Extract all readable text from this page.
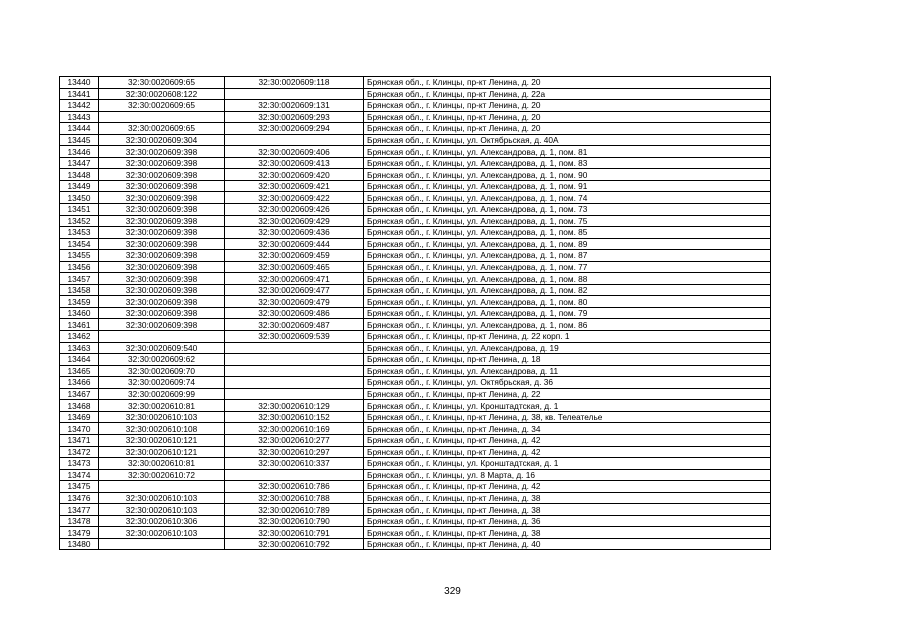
13440	32:30:0020609:65	32:30:0020609:118	Брянская обл., г. Клинцы, пр-кт Ленина, д. 20
13441	32:30:0020608:122		Брянская обл., г. Клинцы, пр-кт Ленина, д. 22а
13442	32:30:0020609:65	32:30:0020609:131	Брянская обл., г. Клинцы, пр-кт Ленина, д. 20
13443		32:30:0020609:293	Брянская обл., г. Клинцы, пр-кт Ленина, д. 20
13444	32:30:0020609:65	32:30:0020609:294	Брянская обл., г. Клинцы, пр-кт Ленина, д. 20
13445	32:30:0020609:304		Брянская обл., г. Клинцы, ул. Октябрьская, д. 40А
13446	32:30:0020609:398	32:30:0020609:406	Брянская обл., г. Клинцы, ул. Александрова, д. 1, пом. 81
13447	32:30:0020609:398	32:30:0020609:413	Брянская обл., г. Клинцы, ул. Александрова, д. 1, пом. 83
13448	32:30:0020609:398	32:30:0020609:420	Брянская обл., г. Клинцы, ул. Александрова, д. 1, пом. 90
13449	32:30:0020609:398	32:30:0020609:421	Брянская обл., г. Клинцы, ул. Александрова, д. 1, пом. 91
13450	32:30:0020609:398	32:30:0020609:422	Брянская обл., г. Клинцы, ул. Александрова, д. 1, пом. 74
13451	32:30:0020609:398	32:30:0020609:426	Брянская обл., г. Клинцы, ул. Александрова, д. 1, пом. 73
13452	32:30:0020609:398	32:30:0020609:429	Брянская обл., г. Клинцы, ул. Александрова, д. 1, пом. 75
13453	32:30:0020609:398	32:30:0020609:436	Брянская обл., г. Клинцы, ул. Александрова, д. 1, пом. 85
13454	32:30:0020609:398	32:30:0020609:444	Брянская обл., г. Клинцы, ул. Александрова, д. 1, пом. 89
13455	32:30:0020609:398	32:30:0020609:459	Брянская обл., г. Клинцы, ул. Александрова, д. 1, пом. 87
13456	32:30:0020609:398	32:30:0020609:465	Брянская обл., г. Клинцы, ул. Александрова, д. 1, пом. 77
13457	32:30:0020609:398	32:30:0020609:471	Брянская обл., г. Клинцы, ул. Александрова, д. 1, пом. 88
13458	32:30:0020609:398	32:30:0020609:477	Брянская обл., г. Клинцы, ул. Александрова, д. 1, пом. 82
13459	32:30:0020609:398	32:30:0020609:479	Брянская обл., г. Клинцы, ул. Александрова, д. 1, пом. 80
13460	32:30:0020609:398	32:30:0020609:486	Брянская обл., г. Клинцы, ул. Александрова, д. 1, пом. 79
13461	32:30:0020609:398	32:30:0020609:487	Брянская обл., г. Клинцы, ул. Александрова, д. 1, пом. 86
13462		32:30:0020609:539	Брянская обл., г. Клинцы, пр-кт Ленина, д. 22 корп. 1
13463	32:30:0020609:540		Брянская обл., г. Клинцы, ул. Александрова, д. 19
13464	32:30:0020609:62		Брянская обл., г. Клинцы, пр-кт Ленина, д. 18
13465	32:30:0020609:70		Брянская обл., г. Клинцы, ул. Александрова, д. 11
13466	32:30:0020609:74		Брянская обл., г. Клинцы, ул. Октябрьская, д. 36
13467	32:30:0020609:99		Брянская обл., г. Клинцы, пр-кт Ленина, д. 22
13468	32:30:0020610:81	32:30:0020610:129	Брянская обл., г. Клинцы, ул. Кронштадтская, д. 1
13469	32:30:0020610:103	32:30:0020610:152	Брянская обл., г. Клинцы, пр-кт Ленина, д. 38, кв. Телеателье
13470	32:30:0020610:108	32:30:0020610:169	Брянская обл., г. Клинцы, пр-кт Ленина, д. 34
13471	32:30:0020610:121	32:30:0020610:277	Брянская обл., г. Клинцы, пр-кт Ленина, д. 42
13472	32:30:0020610:121	32:30:0020610:297	Брянская обл., г. Клинцы, пр-кт Ленина, д. 42
13473	32:30:0020610:81	32:30:0020610:337	Брянская обл., г. Клинцы, ул. Кронштадтская, д. 1
13474	32:30:0020610:72		Брянская обл., г. Клинцы, ул. 8 Марта, д. 16
13475		32:30:0020610:786	Брянская обл., г. Клинцы, пр-кт Ленина, д. 42
13476	32:30:0020610:103	32:30:0020610:788	Брянская обл., г. Клинцы, пр-кт Ленина, д. 38
13477	32:30:0020610:103	32:30:0020610:789	Брянская обл., г. Клинцы, пр-кт Ленина, д. 38
13478	32:30:0020610:306	32:30:0020610:790	Брянская обл., г. Клинцы, пр-кт Ленина, д. 36
13479	32:30:0020610:103	32:30:0020610:791	Брянская обл., г. Клинцы, пр-кт Ленина, д. 38
13480		32:30:0020610:792	Брянская обл., г. Клинцы, пр-кт Ленина, д. 40
329
